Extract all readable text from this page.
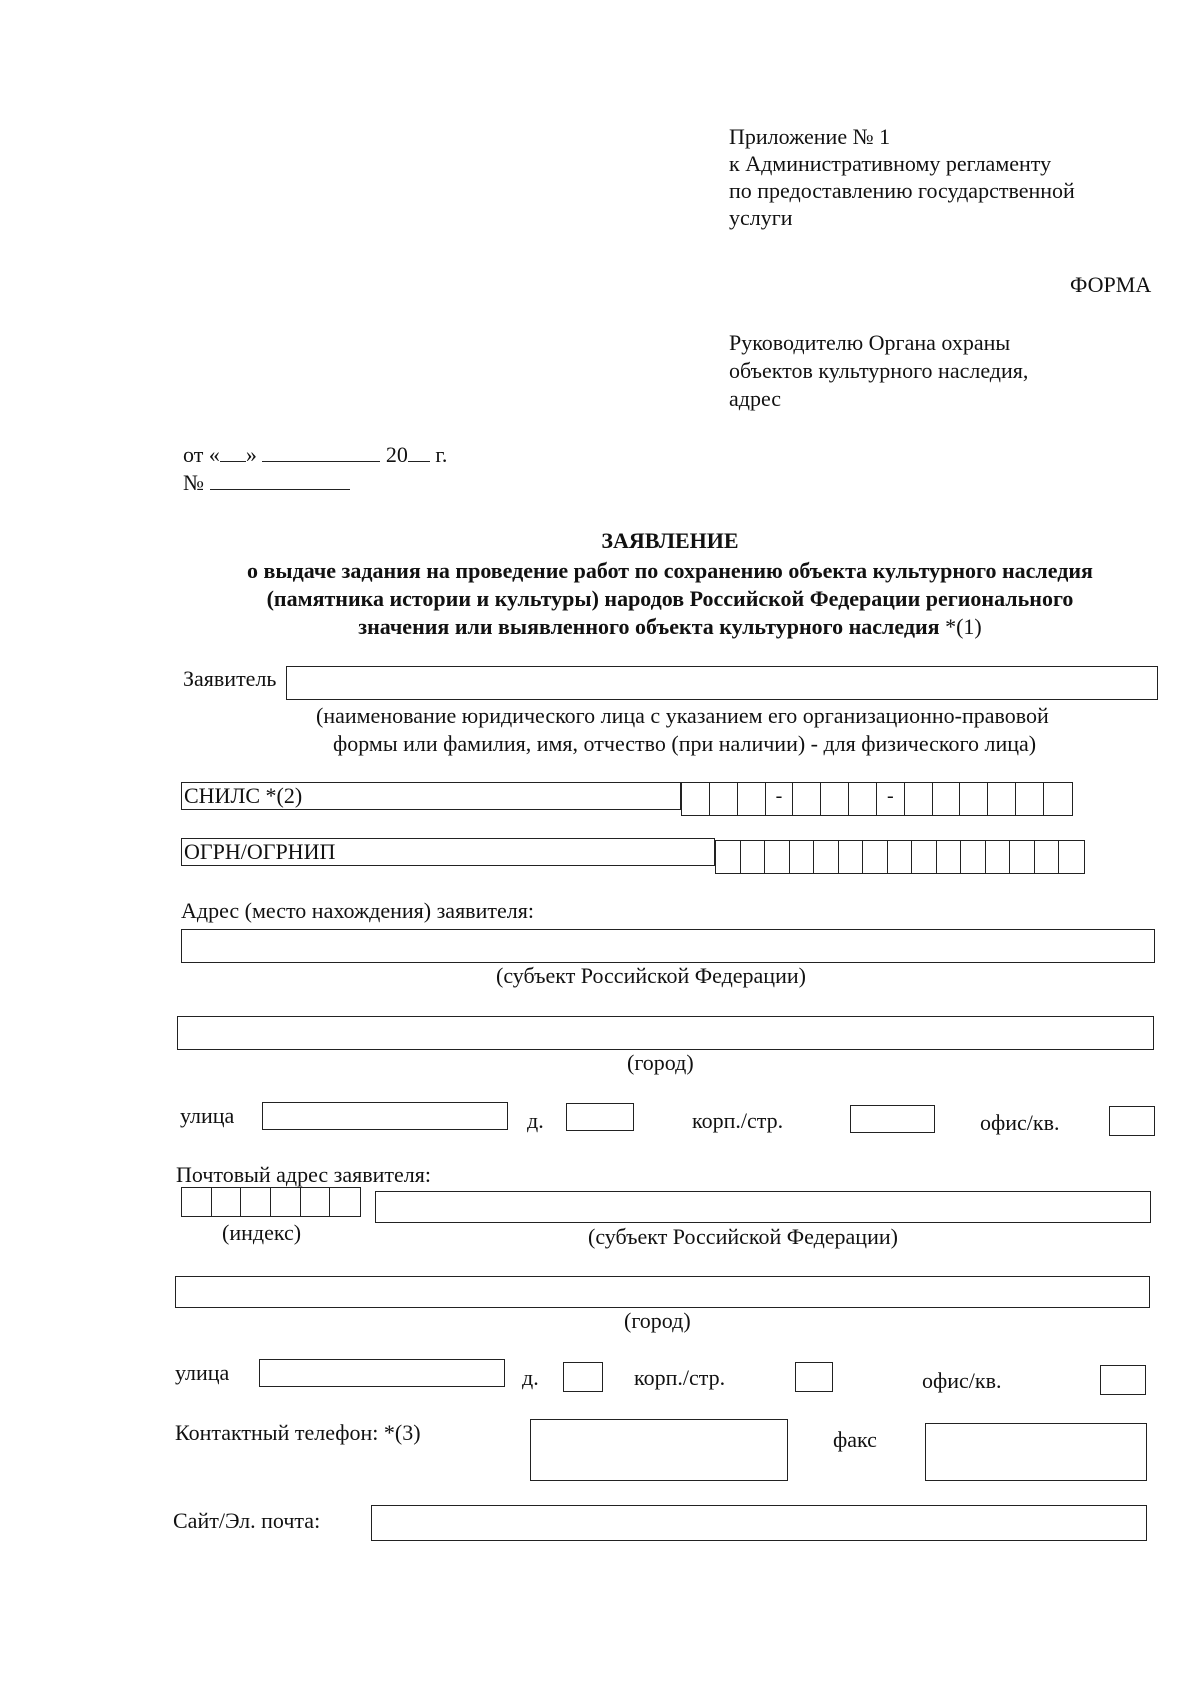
Приложение № 1
к Административному регламенту
по предоставлению государственной
услуги
ФОРМА
Руководителю Органа охраны
объектов культурного наследия,
адрес
от « »	20 г.
№
ЗАЯВЛЕНИЕ
о выдаче задания на проведение работ по сохранению объекта культурного наследия
(памятника истории и культуры) народов Российской Федерации регионального
значения или выявленного объекта культурного наследия *(1)
Заявитель
(наименование юридического лица с указанием его организационно-правовой
формы или фамилия, имя, отчество (при наличии) - для физического лица)
СНИЛС *(2)	-	-
ОГРН/ОГРНИП
Адрес (место нахождения) заявителя:
(субъект Российской Федерации)
(город)
улица	д.	корп./стр.	офис/кв.
Почтовый адрес заявителя:
(индекс)	(субъект Российской Федерации)
(город)
улица	д.	корп./стр.	офис/кв.
Контактный телефон: *(3)	факс
Сайт/Эл. почта:
